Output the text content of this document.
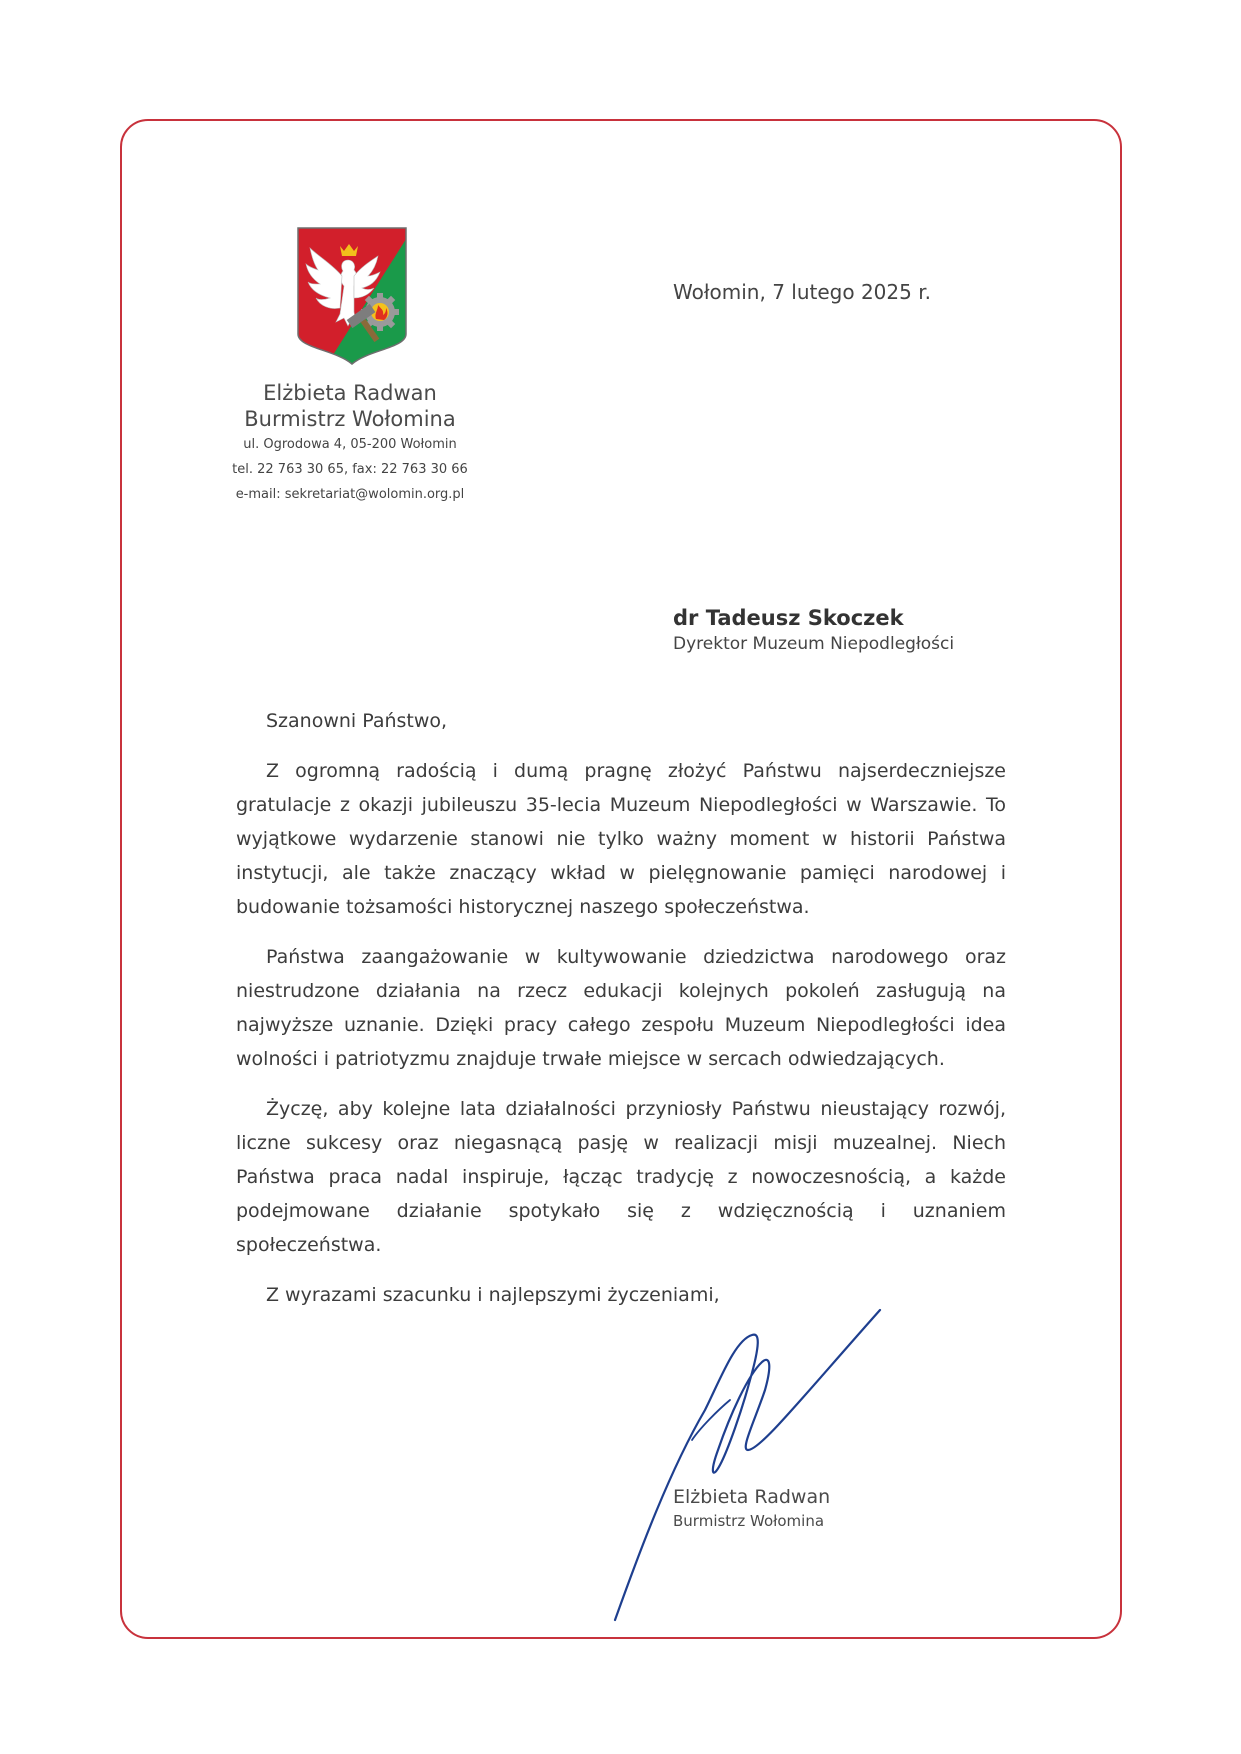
Elżbieta Radwan
Burmistrz Wołomina
ul. Ogrodowa 4, 05-200 Wołomin
tel. 22 763 30 65, fax: 22 763 30 66
e-mail: sekretariat@wolomin.org.pl
Wołomin, 7 lutego 2025 r.
dr Tadeusz Skoczek
Dyrektor Muzeum Niepodległości

Szanowni Państwo,

Z ogromną radością i dumą pragnę złożyć Państwu najserdeczniejsze gratulacje z okazji jubileuszu 35-lecia Muzeum Niepodległości w Warszawie. To wyjątkowe wydarzenie stanowi nie tylko ważny moment w historii Państwa instytucji, ale także znaczący wkład w pielęgnowanie pamięci narodowej i budowanie tożsamości historycznej naszego społeczeństwa.

Państwa zaangażowanie w kultywowanie dziedzictwa narodowego oraz niestrudzone działania na rzecz edukacji kolejnych pokoleń zasługują na najwyższe uznanie. Dzięki pracy całego zespołu Muzeum Niepodległości idea wolności i patriotyzmu znajduje trwałe miejsce w sercach odwiedzających.

Życzę, aby kolejne lata działalności przyniosły Państwu nieustający rozwój, liczne sukcesy oraz niegasnącą pasję w realizacji misji muzealnej. Niech Państwa praca nadal inspiruje, łącząc tradycję z nowoczesnością, a każde podejmowane działanie spotykało się z wdzięcznością i uznaniem społeczeństwa.

Z wyrazami szacunku i najlepszymi życzeniami,

Elżbieta Radwan
Burmistrz Wołomina
